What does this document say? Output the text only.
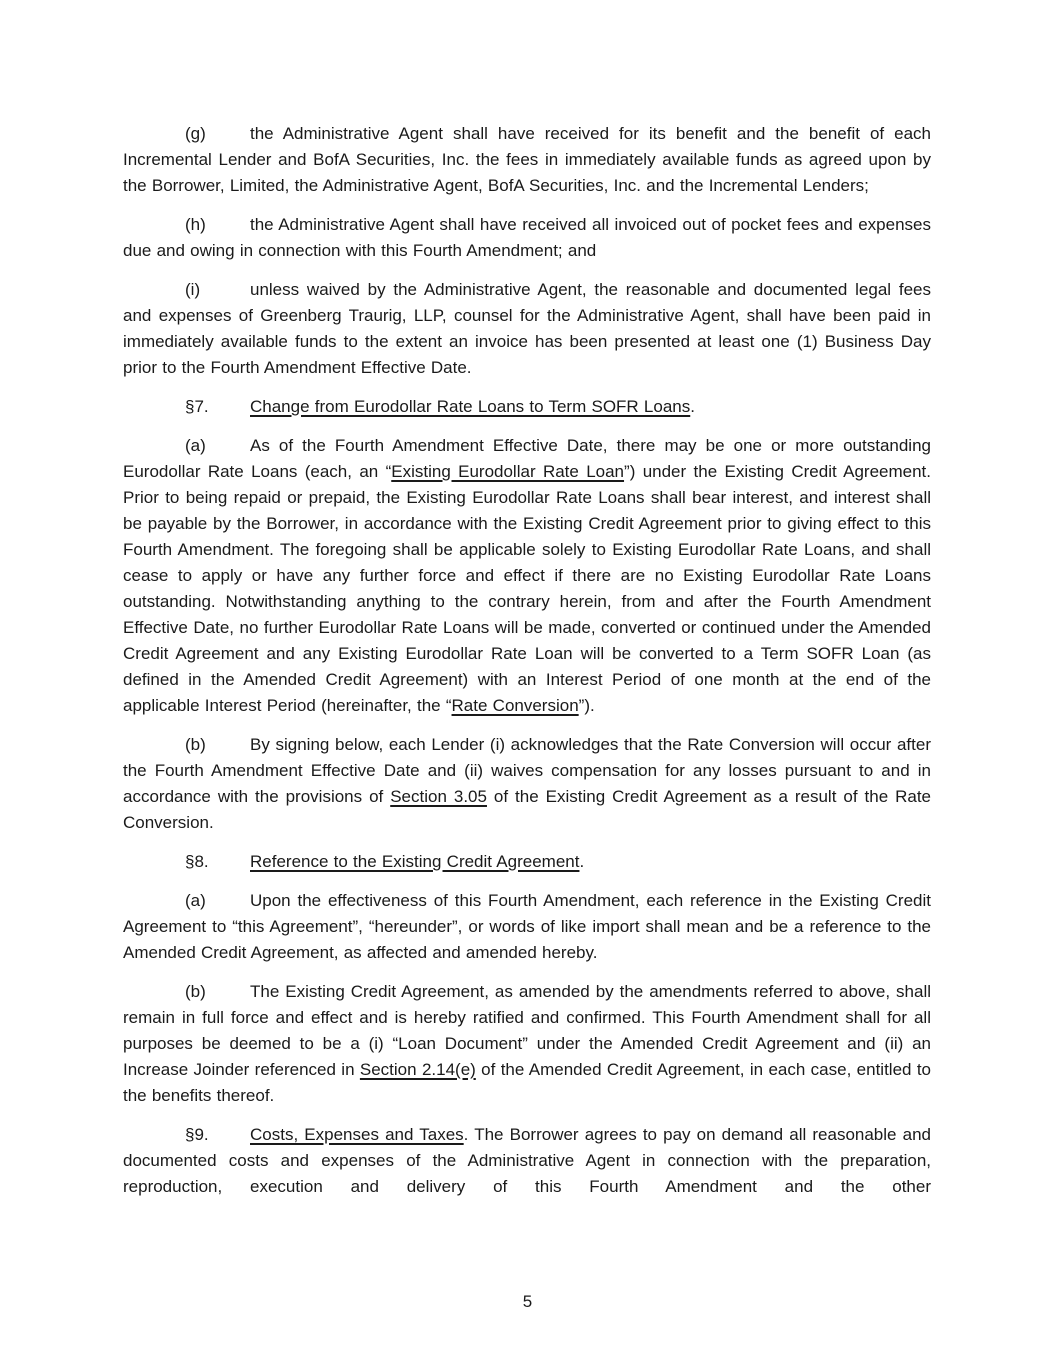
(g)	the Administrative Agent shall have received for its benefit and the benefit of each Incremental Lender and BofA Securities, Inc. the fees in immediately available funds as agreed upon by the Borrower, Limited, the Administrative Agent, BofA Securities, Inc. and the Incremental Lenders;

(h)	the Administrative Agent shall have received all invoiced out of pocket fees and expenses due and owing in connection with this Fourth Amendment; and

(i)	unless waived by the Administrative Agent, the reasonable and documented legal fees and expenses of Greenberg Traurig, LLP, counsel for the Administrative Agent, shall have been paid in immediately available funds to the extent an invoice has been presented at least one (1) Business Day prior to the Fourth Amendment Effective Date.

§7. Change from Eurodollar Rate Loans to Term SOFR Loans.

(a)	As of the Fourth Amendment Effective Date, there may be one or more outstanding Eurodollar Rate Loans (each, an “Existing Eurodollar Rate Loan”) under the Existing Credit Agreement. Prior to being repaid or prepaid, the Existing Eurodollar Rate Loans shall bear interest, and interest shall be payable by the Borrower, in accordance with the Existing Credit Agreement prior to giving effect to this Fourth Amendment. The foregoing shall be applicable solely to Existing Eurodollar Rate Loans, and shall cease to apply or have any further force and effect if there are no Existing Eurodollar Rate Loans outstanding. Notwithstanding anything to the contrary herein, from and after the Fourth Amendment Effective Date, no further Eurodollar Rate Loans will be made, converted or continued under the Amended Credit Agreement and any Existing Eurodollar Rate Loan will be converted to a Term SOFR Loan (as defined in the Amended Credit Agreement) with an Interest Period of one month at the end of the applicable Interest Period (hereinafter, the “Rate Conversion”).

(b)	By signing below, each Lender (i) acknowledges that the Rate Conversion will occur after the Fourth Amendment Effective Date and (ii) waives compensation for any losses pursuant to and in accordance with the provisions of Section 3.05 of the Existing Credit Agreement as a result of the Rate Conversion.

§8. Reference to the Existing Credit Agreement.

(a)	Upon the effectiveness of this Fourth Amendment, each reference in the Existing Credit Agreement to “this Agreement”, “hereunder”, or words of like import shall mean and be a reference to the Amended Credit Agreement, as affected and amended hereby.

(b)	The Existing Credit Agreement, as amended by the amendments referred to above, shall remain in full force and effect and is hereby ratified and confirmed. This Fourth Amendment shall for all purposes be deemed to be a (i) “Loan Document” under the Amended Credit Agreement and (ii) an Increase Joinder referenced in Section 2.14(e) of the Amended Credit Agreement, in each case, entitled to the benefits thereof.

§9. Costs, Expenses and Taxes. The Borrower agrees to pay on demand all reasonable and documented costs and expenses of the Administrative Agent in connection with the preparation, reproduction, execution and delivery of this Fourth Amendment and the other

5
